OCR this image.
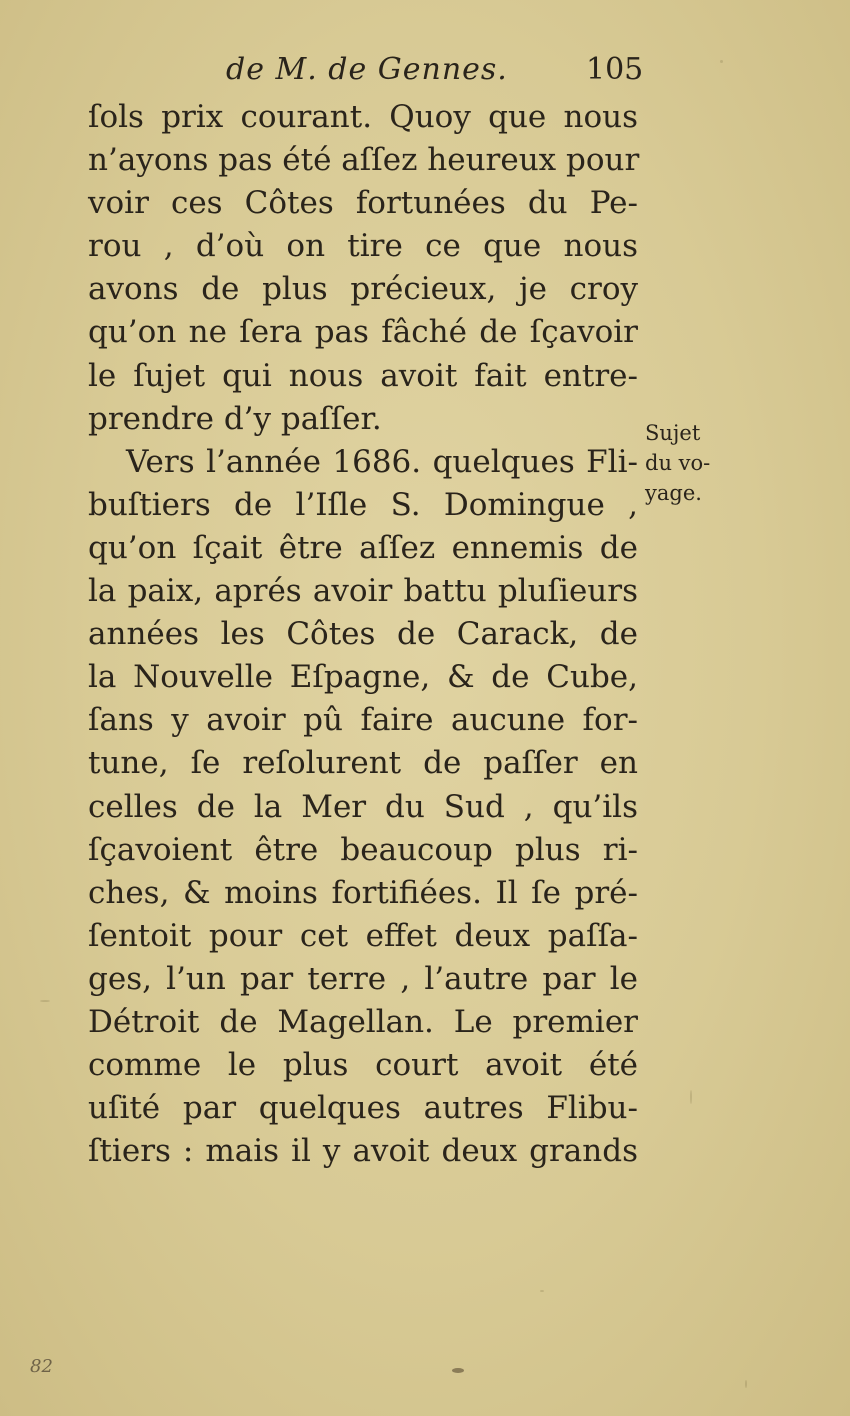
de M. de Gennes.	105
ſols prix courant. Quoy que nous
n’ayons pas été aſſez heureux pour
voir ces Côtes fortunées du Pe-
rou , d’où on tire ce que nous
avons de plus précieux, je croy
qu’on ne ſera pas fâché de ſçavoir
le ſujet qui nous avoit fait entre-
prendre d’y paſſer.
Vers l’année 1686. quelques Fli-
buſtiers de l’Iſle S. Domingue ,
qu’on ſçait être aſſez ennemis de
la paix, aprés avoir battu pluſieurs
années les Côtes de Carack, de
la Nouvelle Eſpagne, & de Cube,
ſans y avoir pû faire aucune for-
tune, ſe reſolurent de paſſer en
celles de la Mer du Sud , qu’ils
ſçavoient être beaucoup plus ri-
ches, & moins fortifiées. Il ſe pré-
ſentoit pour cet effet deux paſſa-
ges, l’un par terre , l’autre par le
Détroit de Magellan. Le premier
comme le plus court avoit été
uſité par quelques autres Flibu-
ſtiers : mais il y avoit deux grands
Sujet
du vo-
yage.
82
